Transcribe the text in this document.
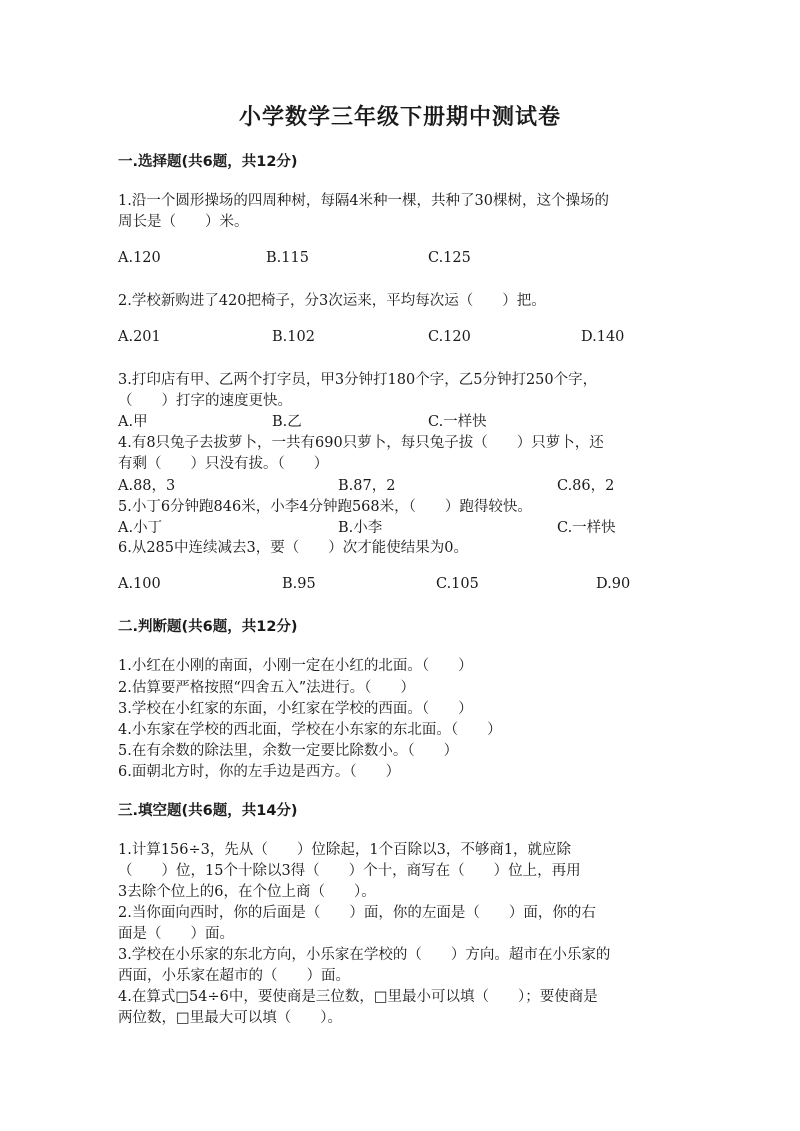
小学数学三年级下册期中测试卷
一.选择题(共6题，共12分)
1.沿一个圆形操场的四周种树，每隔4米种一棵，共种了30棵树，这个操场的
周长是（　　）米。
A.120	B.115	C.125
2.学校新购进了420把椅子，分3次运来，平均每次运（　　）把。
A.201	B.102	C.120	D.140
3.打印店有甲、乙两个打字员，甲3分钟打180个字，乙5分钟打250个字，
（　　）打字的速度更快。
A.甲	B.乙	C.一样快
4.有8只兔子去拔萝卜，一共有690只萝卜，每只兔子拔（　　）只萝卜，还
有剩（　　）只没有拔。（　　）
A.88，3	B.87，2	C.86，2
5.小丁6分钟跑846米，小李4分钟跑568米，（　　）跑得较快。
A.小丁	B.小李	C.一样快
6.从285中连续减去3，要（　　）次才能使结果为0。
A.100	B.95	C.105	D.90
二.判断题(共6题，共12分)
1.小红在小刚的南面，小刚一定在小红的北面。（　　）
2.估算要严格按照“四舍五入”法进行。（　　）
3.学校在小红家的东面，小红家在学校的西面。（　　）
4.小东家在学校的西北面，学校在小东家的东北面。（　　）
5.在有余数的除法里，余数一定要比除数小。（　　）
6.面朝北方时，你的左手边是西方。（　　）
三.填空题(共6题，共14分)
1.计算156÷3，先从（　　）位除起，1个百除以3，不够商1，就应除
（　　）位，15个十除以3得（　　）个十，商写在（　　）位上，再用
3去除个位上的6，在个位上商（　　）。
2.当你面向西时，你的后面是（　　）面，你的左面是（　　）面，你的右
面是（　　）面。
3.学校在小乐家的东北方向，小乐家在学校的（　　）方向。超市在小乐家的
西面，小乐家在超市的（　　）面。
4.在算式□54÷6中，要使商是三位数，□里最小可以填（　　）；要使商是
两位数，□里最大可以填（　　）。
